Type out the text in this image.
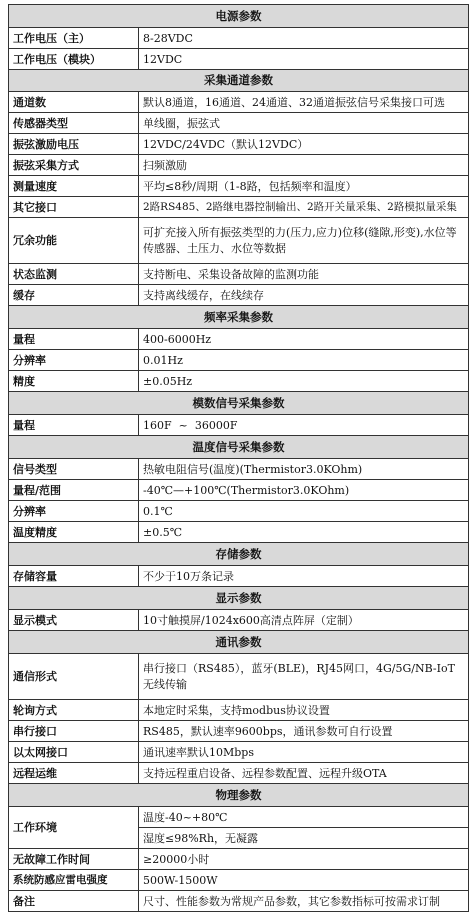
电源参数	
工作电压（主）	8-28VDC
工作电压（模块）	12VDC
采集通道参数	
通道数	默认8通道，16通道、24通道、32通道振弦信号采集接口可选
传感器类型	单线圈，振弦式
振弦激励电压	12VDC/24VDC（默认12VDC）
振弦采集方式	扫频激励
测量速度	平均≤8秒/周期（1-8路，包括频率和温度）
其它接口	2路RS485、2路继电器控制输出、2路开关量采集、2路模拟量采集
冗余功能	可扩充接入所有振弦类型的力(压力,应力)位移(缝隙,形变),水位等传感器、土压力、水位等数据
状态监测	支持断电、采集设备故障的监测功能
缓存	支持离线缓存，在线续存
频率采集参数	
量程	400-6000Hz
分辨率	0.01Hz
精度	±0.05Hz
模数信号采集参数	
量程	160F  ~  36000F
温度信号采集参数	
信号类型	热敏电阻信号(温度)(Thermistor3.0KOhm)
量程/范围	-40℃—+100℃(Thermistor3.0KOhm)
分辨率	0.1℃
温度精度	±0.5℃
存储参数	
存储容量	不少于10万条记录
显示参数	
显示模式	10寸触摸屏/1024x600高清点阵屏（定制）
通讯参数	
通信形式	串行接口（RS485），蓝牙(BLE)，RJ45网口，4G/5G/NB-IoT无线传输
轮询方式	本地定时采集，支持modbus协议设置
串行接口	RS485，默认速率9600bps，通讯参数可自行设置
以太网接口	通讯速率默认10Mbps
远程运维	支持远程重启设备、远程参数配置、远程升级OTA
物理参数	
工作环境	温度-40~+80℃
	湿度≤98%Rh，无凝露
无故障工作时间	≥20000小时
系统防感应雷电强度	500W-1500W
备注	尺寸、性能参数为常规产品参数，其它参数指标可按需求订制
